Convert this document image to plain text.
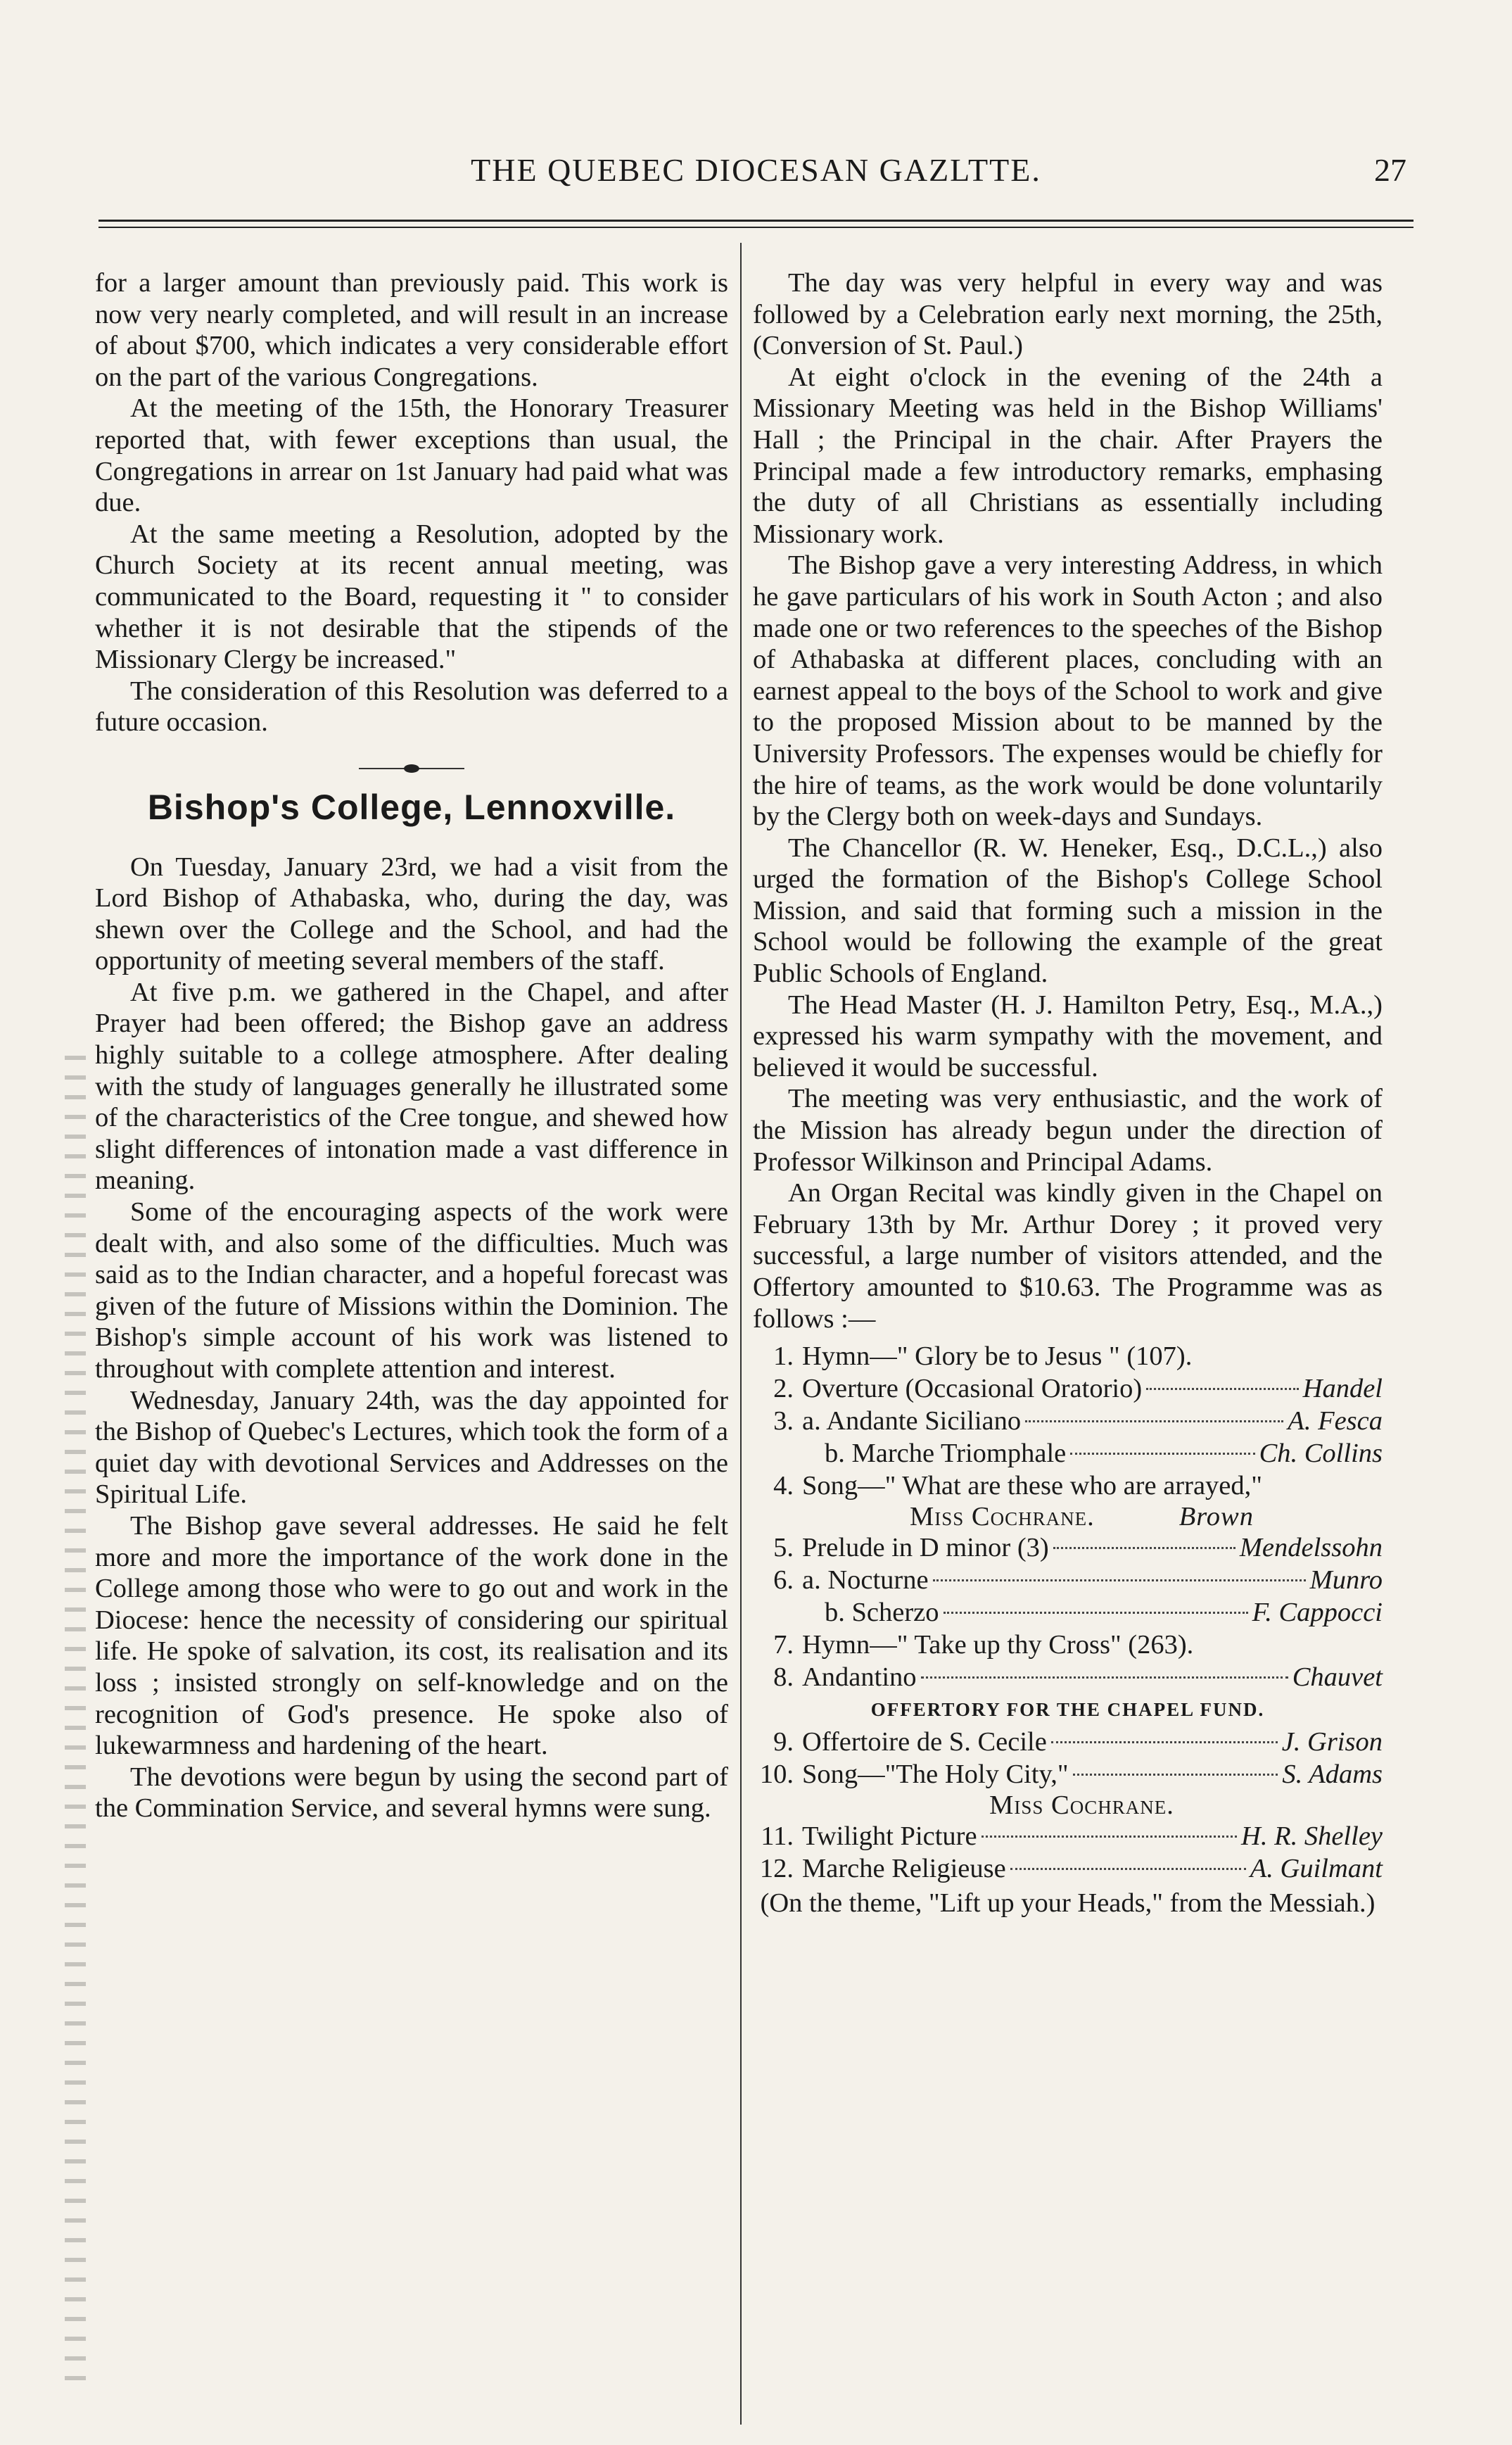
THE QUEBEC DIOCESAN GAZLTTE.	27

for a larger amount than previously paid. This work is now very nearly completed, and will result in an increase of about $700, which indicates a very considerable effort on the part of the various Congregations.

At the meeting of the 15th, the Honorary Treasurer reported that, with fewer exceptions than usual, the Congregations in arrear on 1st January had paid what was due.

At the same meeting a Resolution, adopted by the Church Society at its recent annual meeting, was communicated to the Board, requesting it " to consider whether it is not desirable that the stipends of the Missionary Clergy be increased."

The consideration of this Resolution was deferred to a future occasion.

Bishop's College, Lennoxville.

On Tuesday, January 23rd, we had a visit from the Lord Bishop of Athabaska, who, during the day, was shewn over the College and the School, and had the opportunity of meeting several members of the staff.

At five p.m. we gathered in the Chapel, and after Prayer had been offered; the Bishop gave an address highly suitable to a college atmosphere. After dealing with the study of languages generally he illustrated some of the characteristics of the Cree tongue, and shewed how slight differences of intonation made a vast difference in meaning.

Some of the encouraging aspects of the work were dealt with, and also some of the difficulties. Much was said as to the Indian character, and a hopeful forecast was given of the future of Missions within the Dominion. The Bishop's simple account of his work was listened to throughout with complete attention and interest.

Wednesday, January 24th, was the day appointed for the Bishop of Quebec's Lectures, which took the form of a quiet day with devotional Services and Addresses on the Spiritual Life.

The Bishop gave several addresses. He said he felt more and more the importance of the work done in the College among those who were to go out and work in the Diocese: hence the necessity of considering our spiritual life. He spoke of salvation, its cost, its realisation and its loss ; insisted strongly on self-knowledge and on the recognition of God's presence. He spoke also of lukewarmness and hardening of the heart.

The devotions were begun by using the second part of the Commination Service, and several hymns were sung.

The day was very helpful in every way and was followed by a Celebration early next morning, the 25th, (Conversion of St. Paul.)

At eight o'clock in the evening of the 24th a Missionary Meeting was held in the Bishop Williams' Hall ; the Principal in the chair. After Prayers the Principal made a few introductory remarks, emphasing the duty of all Christians as essentially including Missionary work.

The Bishop gave a very interesting Address, in which he gave particulars of his work in South Acton ; and also made one or two references to the speeches of the Bishop of Athabaska at different places, concluding with an earnest appeal to the boys of the School to work and give to the proposed Mission about to be manned by the University Professors. The expenses would be chiefly for the hire of teams, as the work would be done voluntarily by the Clergy both on week-days and Sundays.

The Chancellor (R. W. Heneker, Esq., D.C.L.,) also urged the formation of the Bishop's College School Mission, and said that forming such a mission in the School would be following the example of the great Public Schools of England.

The Head Master (H. J. Hamilton Petry, Esq., M.A.,) expressed his warm sympathy with the movement, and believed it would be successful.

The meeting was very enthusiastic, and the work of the Mission has already begun under the direction of Professor Wilkinson and Principal Adams.

An Organ Recital was kindly given in the Chapel on February 13th by Mr. Arthur Dorey ; it proved very successful, a large number of visitors attended, and the Offertory amounted to $10.63. The Programme was as follows :—

1. Hymn—" Glory be to Jesus " (107).
2. Overture (Occasional Oratorio)	Handel
3. a. Andante Siciliano	A. Fesca
b. Marche Triomphale	Ch. Collins
4. Song—" What are these who are arrayed,"
Miss Cochrane.	Brown
5. Prelude in D minor (3)	Mendelssohn
6. a. Nocturne	Munro
b. Scherzo	F. Cappocci
7. Hymn—" Take up thy Cross" (263).
8. Andantino	Chauvet
OFFERTORY FOR THE CHAPEL FUND.
9. Offertoire de S. Cecile	J. Grison
10. Song—"The Holy City,"	S. Adams
Miss Cochrane.
11. Twilight Picture	H. R. Shelley
12. Marche Religieuse	A. Guilmant
(On the theme, "Lift up your Heads," from the Messiah.)
